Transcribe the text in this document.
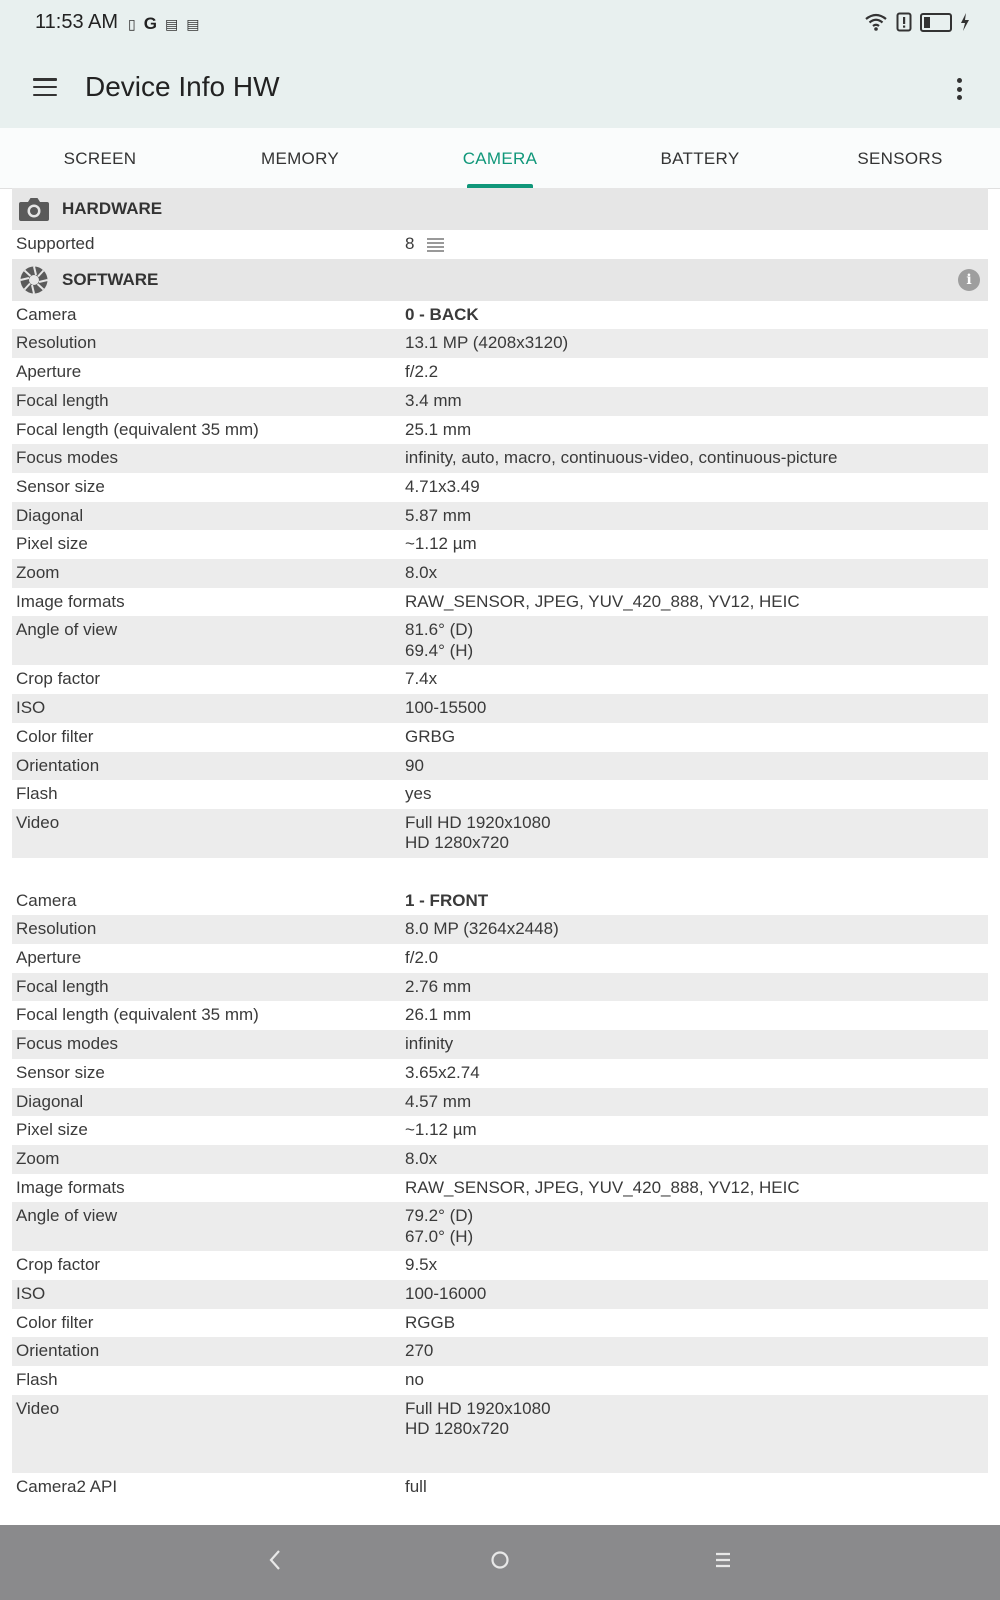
11:53 AM ▯ G ▤ ▤
Device Info HW
SCREEN	MEMORY	CAMERA	BATTERY	SENSORS
HARDWARE
Supported	8
SOFTWARE	i
Camera	0 - BACK
Resolution	13.1 MP (4208x3120)
Aperture	f/2.2
Focal length	3.4 mm
Focal length (equivalent 35 mm)	25.1 mm
Focus modes	infinity, auto, macro, continuous-video, continuous-picture
Sensor size	4.71x3.49
Diagonal	5.87 mm
Pixel size	~1.12 µm
Zoom	8.0x
Image formats	RAW_SENSOR, JPEG, YUV_420_888, YV12, HEIC
Angle of view	81.6° (D)
69.4° (H)
Crop factor	7.4x
ISO	100-15500
Color filter	GRBG
Orientation	90
Flash	yes
Video	Full HD 1920x1080
HD 1280x720
Camera	1 - FRONT
Resolution	8.0 MP (3264x2448)
Aperture	f/2.0
Focal length	2.76 mm
Focal length (equivalent 35 mm)	26.1 mm
Focus modes	infinity
Sensor size	3.65x2.74
Diagonal	4.57 mm
Pixel size	~1.12 µm
Zoom	8.0x
Image formats	RAW_SENSOR, JPEG, YUV_420_888, YV12, HEIC
Angle of view	79.2° (D)
67.0° (H)
Crop factor	9.5x
ISO	100-16000
Color filter	RGGB
Orientation	270
Flash	no
Video	Full HD 1920x1080
HD 1280x720
Camera2 API	full
